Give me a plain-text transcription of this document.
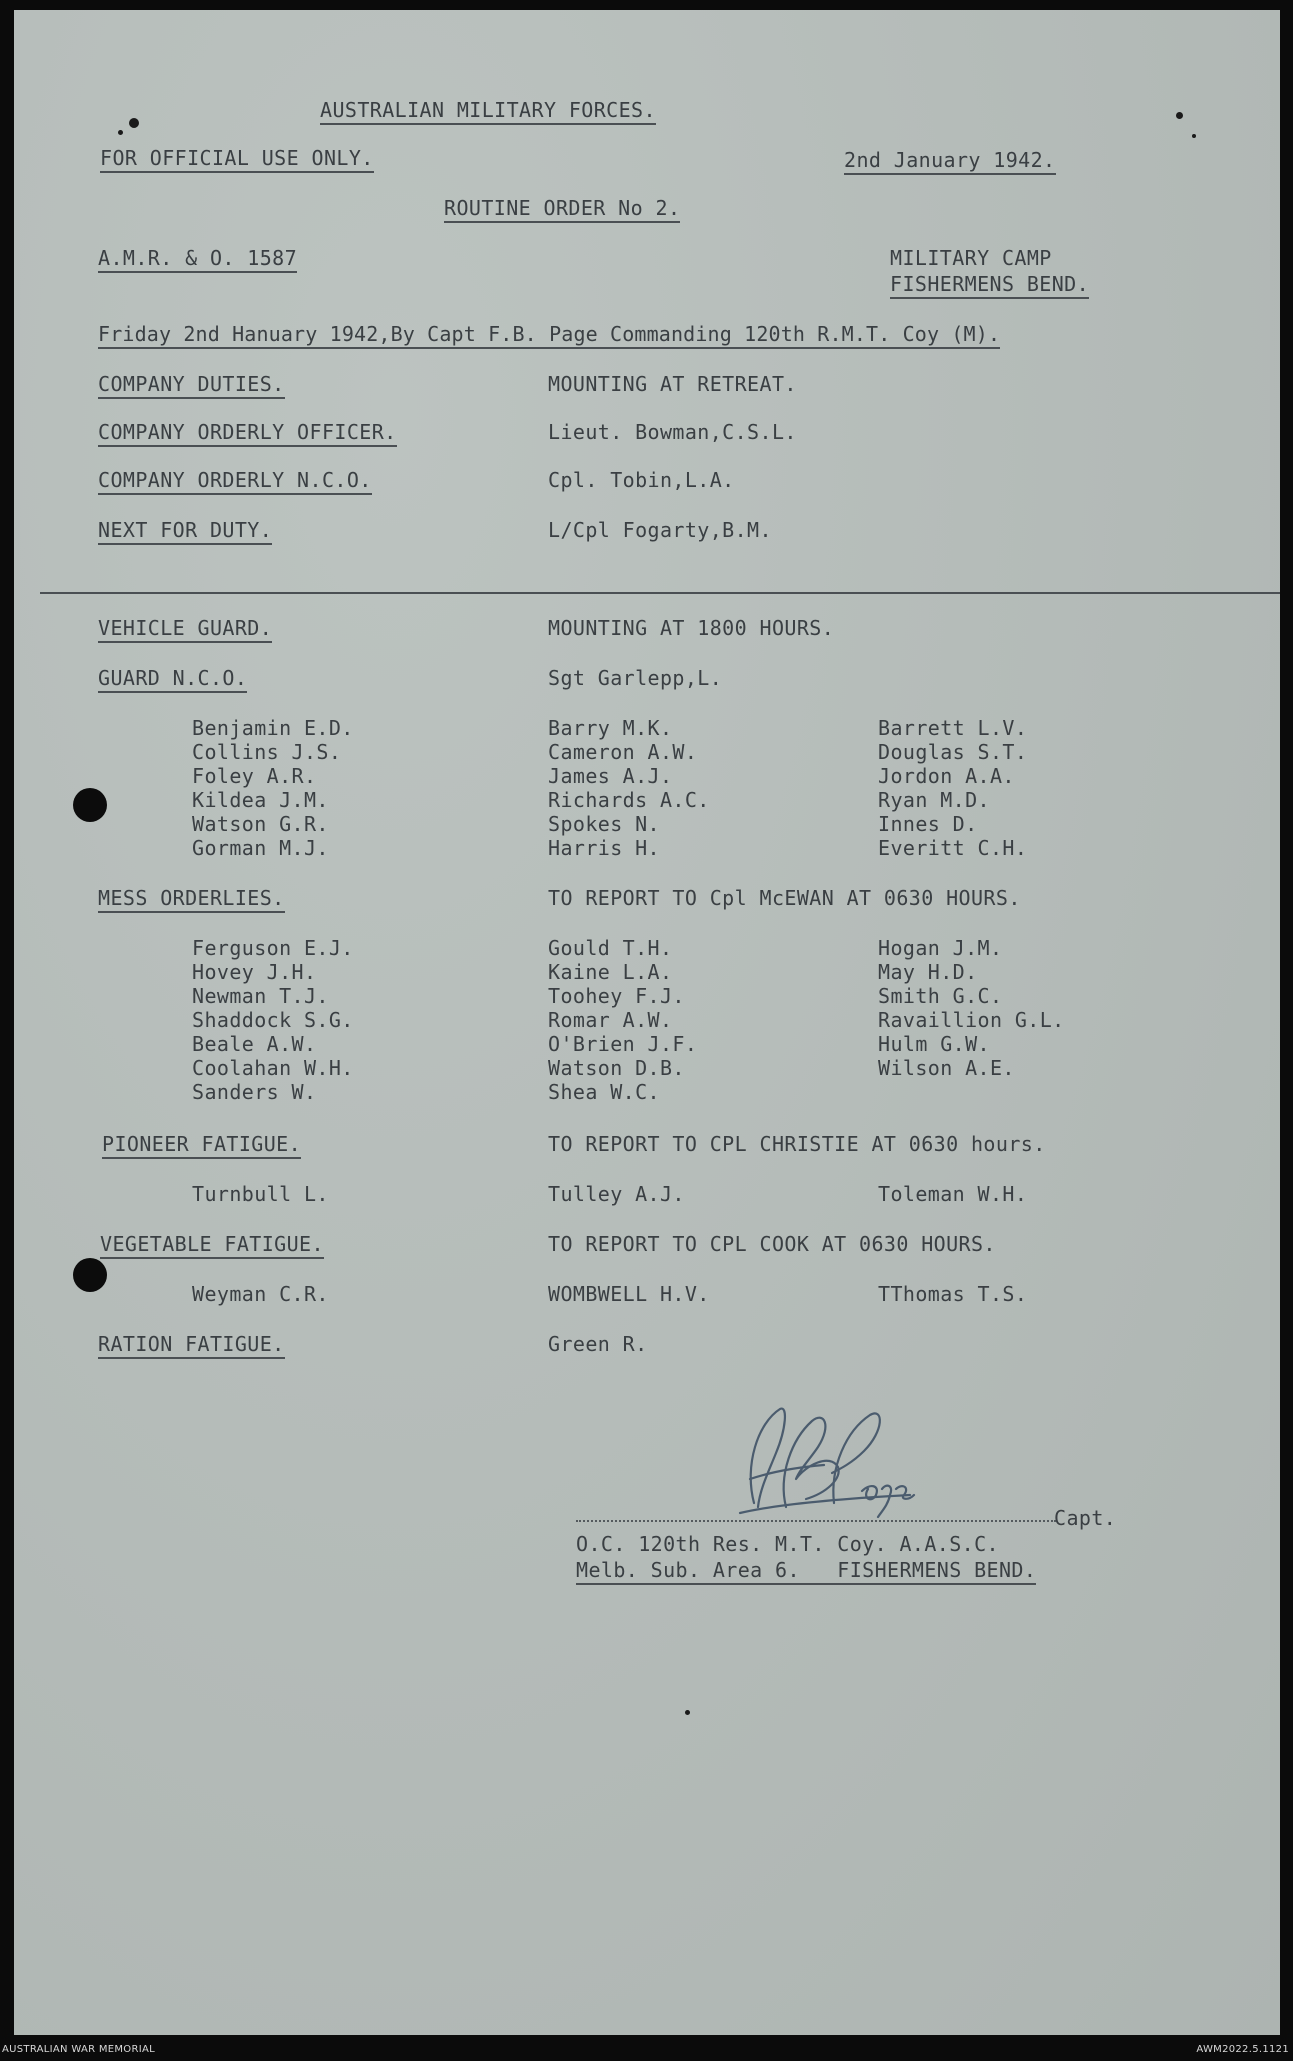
AUSTRALIAN MILITARY FORCES.
FOR OFFICIAL USE ONLY.	2nd January 1942.
ROUTINE ORDER No 2.
A.M.R. & O. 1587	MILITARY CAMP
FISHERMENS BEND.
Friday 2nd Hanuary 1942,By Capt F.B. Page Commanding 120th R.M.T. Coy (M).
COMPANY DUTIES.	MOUNTING AT RETREAT.
COMPANY ORDERLY OFFICER.	Lieut. Bowman,C.S.L.
COMPANY ORDERLY N.C.O.	Cpl. Tobin,L.A.
NEXT FOR DUTY.	L/Cpl Fogarty,B.M.
VEHICLE GUARD.	MOUNTING AT 1800 HOURS.
GUARD N.C.O.	Sgt Garlepp,L.
Benjamin E.D.	Barry M.K.	Barrett L.V.
Collins J.S.	Cameron A.W.	Douglas S.T.
Foley A.R.	James A.J.	Jordon A.A.
Kildea J.M.	Richards A.C.	Ryan M.D.
Watson G.R.	Spokes N.	Innes D.
Gorman M.J.	Harris H.	Everitt C.H.
MESS ORDERLIES.	TO REPORT TO Cpl McEWAN AT 0630 HOURS.
Ferguson E.J.	Gould T.H.	Hogan J.M.
Hovey J.H.	Kaine L.A.	May H.D.
Newman T.J.	Toohey F.J.	Smith G.C.
Shaddock S.G.	Romar A.W.	Ravaillion G.L.
Beale A.W.	O'Brien J.F.	Hulm G.W.
Coolahan W.H.	Watson D.B.	Wilson A.E.
Sanders W.	Shea W.C.
PIONEER FATIGUE.	TO REPORT TO CPL CHRISTIE AT 0630 hours.
Turnbull L.	Tulley A.J.	Toleman W.H.
VEGETABLE FATIGUE.	TO REPORT TO CPL COOK AT 0630 HOURS.
Weyman C.R.	WOMBWELL H.V.	TThomas T.S.
RATION FATIGUE.	Green R.
Capt.
O.C. 120th Res. M.T. Coy. A.A.S.C.
Melb. Sub. Area 6.   FISHERMENS BEND.
AUSTRALIAN WAR MEMORIAL	AWM2022.5.1121
